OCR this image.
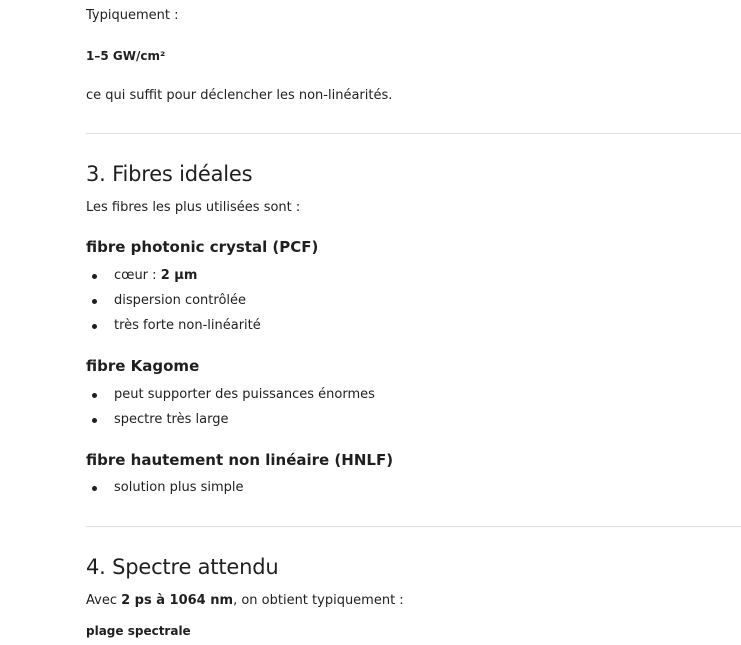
Typiquement :
1–5 GW/cm²
ce qui suffit pour déclencher les non-linéarités.
3. Fibres idéales
Les fibres les plus utilisées sont :
fibre photonic crystal (PCF)
cœur : 2 µm
dispersion contrôlée
très forte non-linéarité
fibre Kagome
peut supporter des puissances énormes
spectre très large
fibre hautement non linéaire (HNLF)
solution plus simple
4. Spectre attendu
Avec 2 ps à 1064 nm, on obtient typiquement :
plage spectrale
